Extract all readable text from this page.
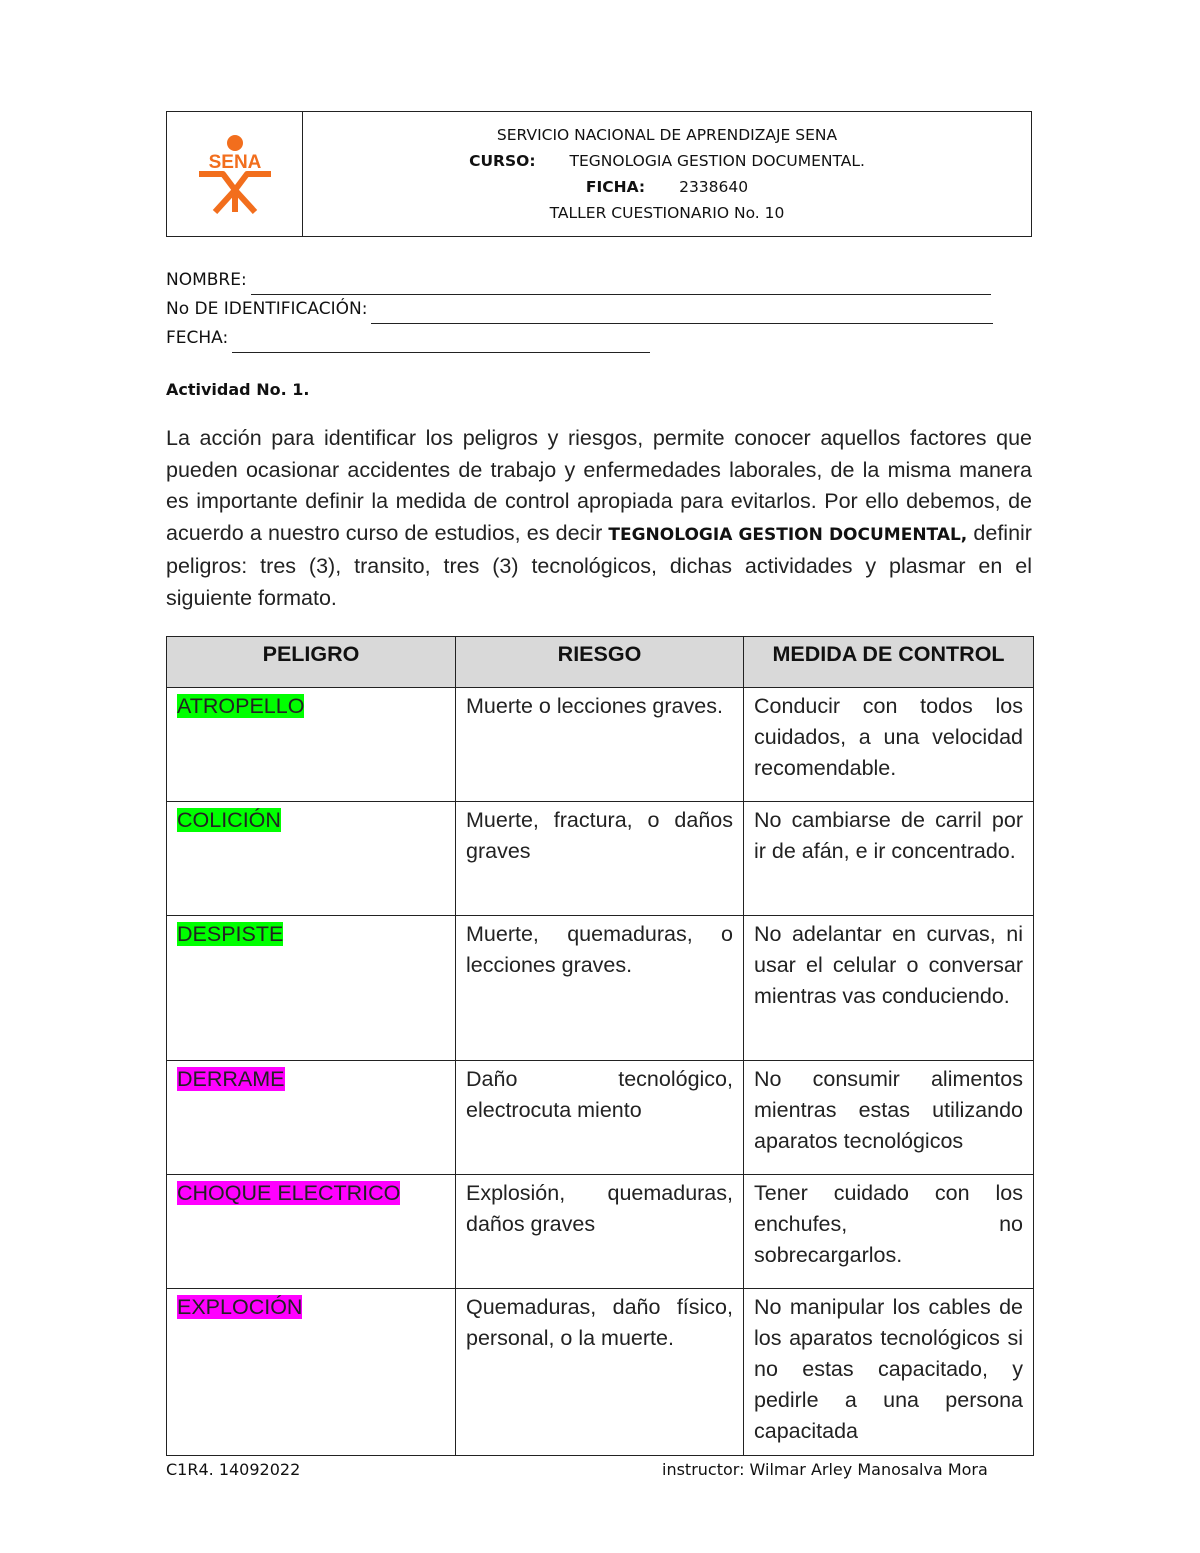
SENA
SERVICIO NACIONAL DE APRENDIZAJE SENA
CURSO: TEGNOLOGIA GESTION DOCUMENTAL.
FICHA: 2338640
TALLER CUESTIONARIO No. 10
NOMBRE:
No DE IDENTIFICACIÓN:
FECHA:
Actividad No. 1.
La acción para identificar los peligros y riesgos, permite conocer aquellos factores que pueden ocasionar accidentes de trabajo y enfermedades laborales, de la misma manera es importante definir la medida de control apropiada para evitarlos. Por ello debemos, de acuerdo a nuestro curso de estudios, es decir TEGNOLOGIA GESTION DOCUMENTAL, definir peligros: tres (3), transito, tres (3) tecnológicos, dichas actividades y plasmar en el siguiente formato.
PELIGRO	RIESGO	MEDIDA DE CONTROL
ATROPELLO	Muerte o lecciones graves.	Conducir con todos los cuidados, a una velocidad recomendable.
COLICIÓN	Muerte, fractura, o daños graves	No cambiarse de carril por ir de afán, e ir concentrado.
DESPISTE	Muerte, quemaduras, o lecciones graves.	No adelantar en curvas, ni usar el celular o conversar mientras vas conduciendo.
DERRAME	Daño tecnológico, electrocuta miento	No consumir alimentos mientras estas utilizando aparatos tecnológicos
CHOQUE ELECTRICO	Explosión, quemaduras, daños graves	Tener cuidado con los enchufes, no sobrecargarlos.
EXPLOCIÓN	Quemaduras, daño físico, personal, o la muerte.	No manipular los cables de los aparatos tecnológicos si no estas capacitado, y pedirle a una persona capacitada
C1R4. 14092022	instructor: Wilmar Arley Manosalva Mora
